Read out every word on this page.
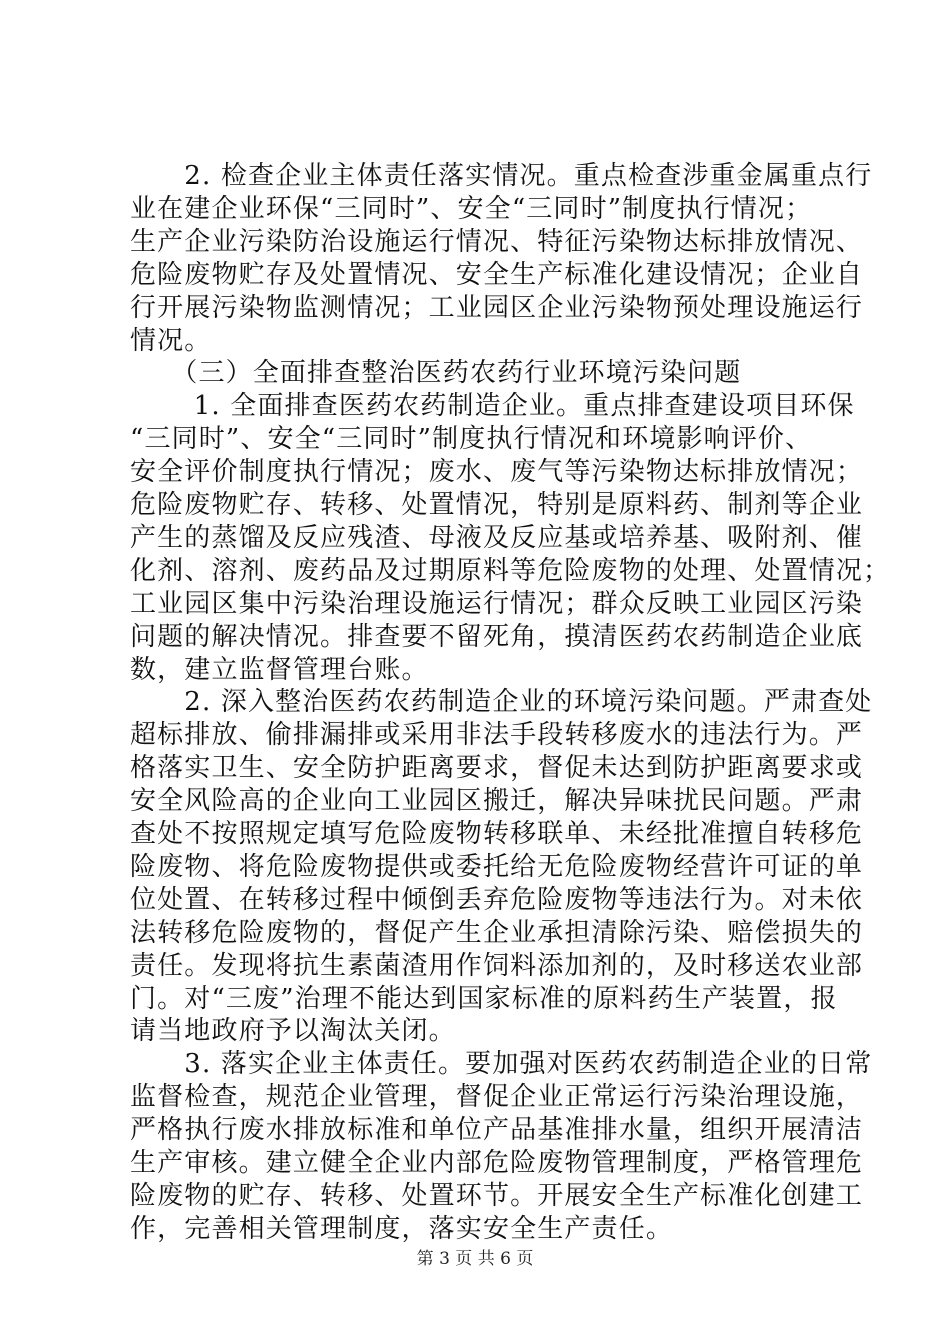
　　2. 检查企业主体责任落实情况。重点检查涉重金属重点行
业在建企业环保“三同时”、安全“三同时”制度执行情况；
生产企业污染防治设施运行情况、特征污染物达标排放情况、
危险废物贮存及处置情况、安全生产标准化建设情况；企业自
行开展污染物监测情况；工业园区企业污染物预处理设施运行
情况。
　　（三）全面排查整治医药农药行业环境污染问题
　　 1. 全面排查医药农药制造企业。重点排查建设项目环保
“三同时”、安全“三同时”制度执行情况和环境影响评价、
安全评价制度执行情况；废水、废气等污染物达标排放情况；
危险废物贮存、转移、处置情况，特别是原料药、制剂等企业
产生的蒸馏及反应残渣、母液及反应基或培养基、吸附剂、催
化剂、溶剂、废药品及过期原料等危险废物的处理、处置情况；
工业园区集中污染治理设施运行情况；群众反映工业园区污染
问题的解决情况。排查要不留死角，摸清医药农药制造企业底
数，建立监督管理台账。
　　2. 深入整治医药农药制造企业的环境污染问题。严肃查处
超标排放、偷排漏排或采用非法手段转移废水的违法行为。严
格落实卫生、安全防护距离要求，督促未达到防护距离要求或
安全风险高的企业向工业园区搬迁，解决异味扰民问题。严肃
查处不按照规定填写危险废物转移联单、未经批准擅自转移危
险废物、将危险废物提供或委托给无危险废物经营许可证的单
位处置、在转移过程中倾倒丢弃危险废物等违法行为。对未依
法转移危险废物的，督促产生企业承担清除污染、赔偿损失的
责任。发现将抗生素菌渣用作饲料添加剂的，及时移送农业部
门。对“三废”治理不能达到国家标准的原料药生产装置，报
请当地政府予以淘汰关闭。
　　3. 落实企业主体责任。要加强对医药农药制造企业的日常
监督检查，规范企业管理，督促企业正常运行污染治理设施，
严格执行废水排放标准和单位产品基准排水量，组织开展清洁
生产审核。建立健全企业内部危险废物管理制度，严格管理危
险废物的贮存、转移、处置环节。开展安全生产标准化创建工
作，完善相关管理制度，落实安全生产责任。
第 3 页 共 6 页
